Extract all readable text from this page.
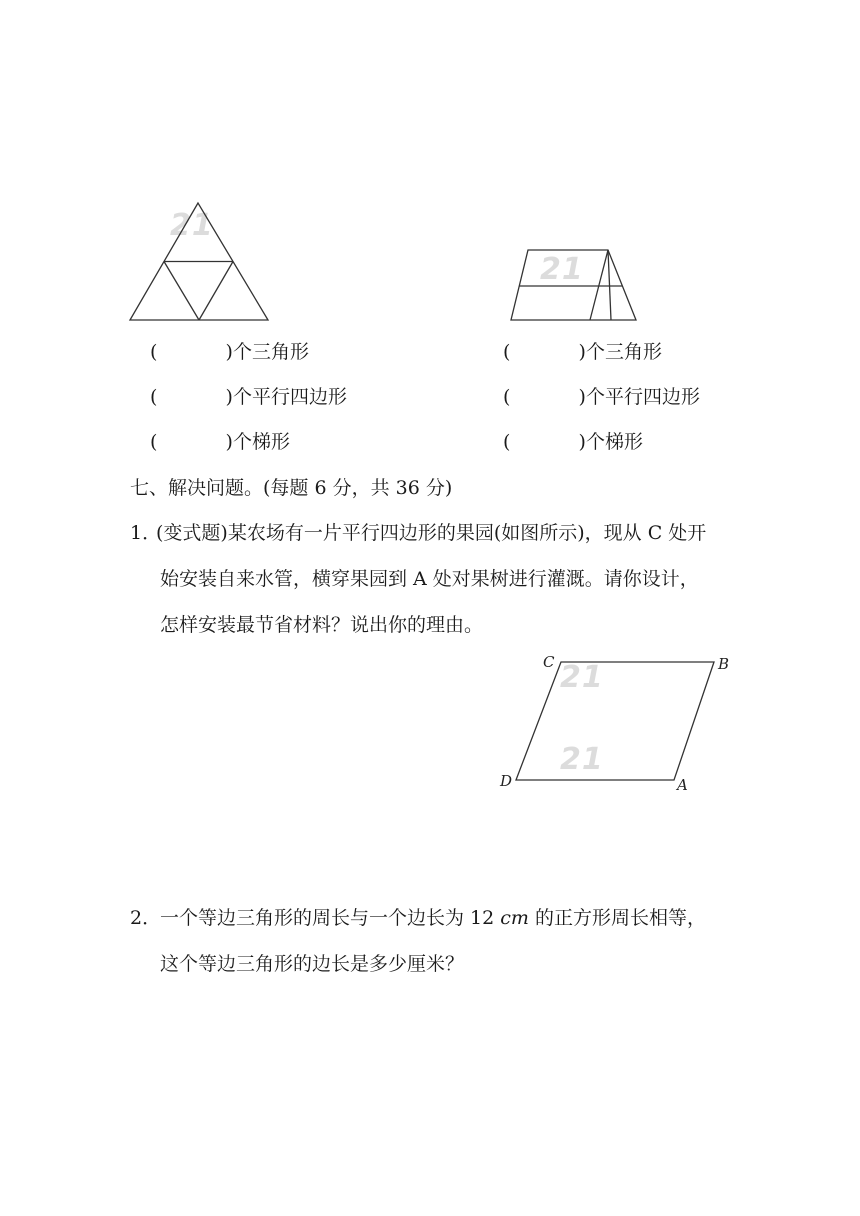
21
21
21
21
(	)个三角形
(	)个平行四边形
(	)个梯形
(	)个三角形
(	)个平行四边形
(	)个梯形
七、解决问题。(每题 6 分，共 36 分)
1．
(变式题)某农场有一片平行四边形的果园(如图所示)，现从 C 处开
始安装自来水管，横穿果园到 A 处对果树进行灌溉。请你设计，
怎样安装最节省材料？说出你的理由。
C	B
D	A
2．
一个等边三角形的周长与一个边长为 12 cm 的正方形周长相等，
这个等边三角形的边长是多少厘米？
